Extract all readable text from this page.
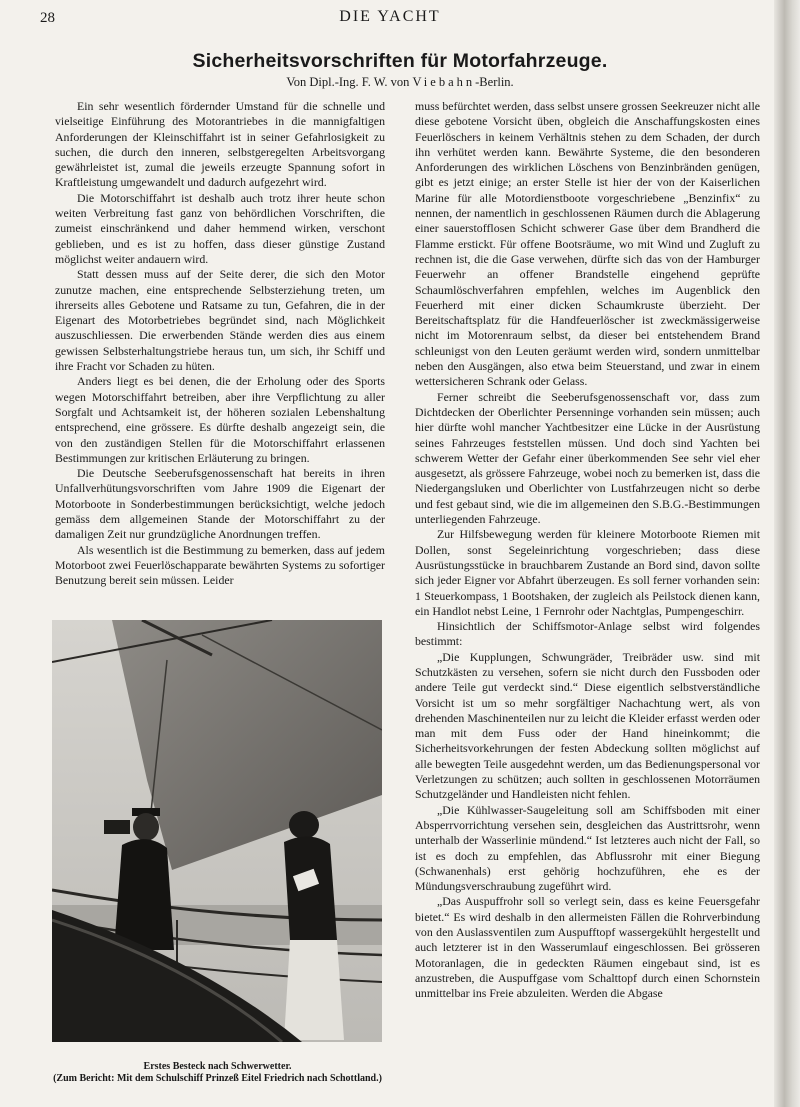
28	DIE YACHT
Sicherheitsvorschriften für Motorfahrzeuge.
Von Dipl.-Ing. F. W. von Viebahn-Berlin.

Ein sehr wesentlich fördernder Umstand für die schnelle und vielseitige Einführung des Motorantriebes in die mannigfaltigen Anforderungen der Kleinschiffahrt ist in seiner Gefahrlosigkeit zu suchen, die durch den inneren, selbstgeregelten Arbeitsvorgang gewährleistet ist, zumal die jeweils erzeugte Spannung sofort in Kraftleistung umgewandelt und dadurch aufgezehrt wird.

Die Motorschiffahrt ist deshalb auch trotz ihrer heute schon weiten Verbreitung fast ganz von behördlichen Vorschriften, die zumeist einschränkend und daher hemmend wirken, verschont geblieben, und es ist zu hoffen, dass dieser günstige Zustand möglichst weiter andauern wird.

Statt dessen muss auf der Seite derer, die sich den Motor zunutze machen, eine entsprechende Selbsterziehung treten, um ihrerseits alles Gebotene und Ratsame zu tun, Gefahren, die in der Eigenart des Motorbetriebes begründet sind, nach Möglichkeit auszuschliessen. Die erwerbenden Stände werden dies aus einem gewissen Selbsterhaltungstriebe heraus tun, um sich, ihr Schiff und ihre Fracht vor Schaden zu hüten.

Anders liegt es bei denen, die der Erholung oder des Sports wegen Motorschiffahrt betreiben, aber ihre Verpflichtung zu aller Sorgfalt und Achtsamkeit ist, der höheren sozialen Lebenshaltung entsprechend, eine grössere. Es dürfte deshalb angezeigt sein, die von den zuständigen Stellen für die Motorschiffahrt erlassenen Bestimmungen zur kritischen Erläuterung zu bringen.

Die Deutsche Seeberufsgenossenschaft hat bereits in ihren Unfallverhütungsvorschriften vom Jahre 1909 die Eigenart der Motorboote in Sonderbestimmungen berücksichtigt, welche jedoch gemäss dem allgemeinen Stande der Motorschiffahrt zu der damaligen Zeit nur grundzügliche Anordnungen treffen.

Als wesentlich ist die Bestimmung zu bemerken, dass auf jedem Motorboot zwei Feuerlöschapparate bewährten Systems zu sofortiger Benutzung bereit sein müssen. Leider

Erstes Besteck nach Schwerwetter.
(Zum Bericht: Mit dem Schulschiff Prinzeß Eitel Friedrich nach Schottland.)

muss befürchtet werden, dass selbst unsere grossen Seekreuzer nicht alle diese gebotene Vorsicht üben, obgleich die Anschaffungskosten eines Feuerlöschers in keinem Verhältnis stehen zu dem Schaden, der durch ihn verhütet werden kann. Bewährte Systeme, die den besonderen Anforderungen des wirklichen Löschens von Benzinbränden genügen, gibt es jetzt einige; an erster Stelle ist hier der von der Kaiserlichen Marine für alle Motordienstboote vorgeschriebene „Benzinfix“ zu nennen, der namentlich in geschlossenen Räumen durch die Ablagerung einer sauerstofflosen Schicht schwerer Gase über dem Brandherd die Flamme erstickt. Für offene Bootsräume, wo mit Wind und Zugluft zu rechnen ist, die die Gase verwehen, dürfte sich das von der Hamburger Feuerwehr an offener Brandstelle eingehend geprüfte Schaumlöschverfahren empfehlen, welches im Augenblick den Feuerherd mit einer dicken Schaumkruste überzieht. Der Bereitschaftsplatz für die Handfeuerlöscher ist zweckmässigerweise nicht im Motorenraum selbst, da dieser bei entstehendem Brand schleunigst von den Leuten geräumt werden wird, sondern unmittelbar neben den Ausgängen, also etwa beim Steuerstand, und zwar in einem wettersicheren Schrank oder Gelass.

Ferner schreibt die Seeberufsgenossenschaft vor, dass zum Dichtdecken der Oberlichter Persenninge vorhanden sein müssen; auch hier dürfte wohl mancher Yachtbesitzer eine Lücke in der Ausrüstung seines Fahrzeuges feststellen müssen. Und doch sind Yachten bei schwerem Wetter der Gefahr einer überkommenden See sehr viel eher ausgesetzt, als grössere Fahrzeuge, wobei noch zu bemerken ist, dass die Niedergangsluken und Oberlichter von Lustfahrzeugen nicht so derbe und fest gebaut sind, wie die im allgemeinen den S.B.G.-Bestimmungen unterliegenden Fahrzeuge.

Zur Hilfsbewegung werden für kleinere Motorboote Riemen mit Dollen, sonst Segeleinrichtung vorgeschrieben; dass diese Ausrüstungsstücke in brauchbarem Zustande an Bord sind, davon sollte sich jeder Eigner vor Abfahrt überzeugen. Es soll ferner vorhanden sein: 1 Steuerkompass, 1 Bootshaken, der zugleich als Peilstock dienen kann, ein Handlot nebst Leine, 1 Fernrohr oder Nachtglas, Pumpengeschirr.

Hinsichtlich der Schiffsmotor-Anlage selbst wird folgendes bestimmt:

„Die Kupplungen, Schwungräder, Treibräder usw. sind mit Schutzkästen zu versehen, sofern sie nicht durch den Fussboden oder andere Teile gut verdeckt sind.“ Diese eigentlich selbstverständliche Vorsicht ist um so mehr sorgfältiger Nachachtung wert, als von drehenden Maschinenteilen nur zu leicht die Kleider erfasst werden oder man mit dem Fuss oder der Hand hineinkommt; die Sicherheitsvorkehrungen der festen Abdeckung sollten möglichst auf alle bewegten Teile ausgedehnt werden, um das Bedienungspersonal vor Verletzungen zu schützen; auch sollten in geschlossenen Motorräumen Schutzgeländer und Handleisten nicht fehlen.

„Die Kühlwasser-Saugeleitung soll am Schiffsboden mit einer Absperrvorrichtung versehen sein, desgleichen das Austrittsrohr, wenn unterhalb der Wasserlinie mündend.“ Ist letzteres auch nicht der Fall, so ist es doch zu empfehlen, das Abflussrohr mit einer Biegung (Schwanenhals) erst gehörig hochzuführen, ehe es der Mündungsverschraubung zugeführt wird.

„Das Auspuffrohr soll so verlegt sein, dass es keine Feuersgefahr bietet.“ Es wird deshalb in den allermeisten Fällen die Rohrverbindung von den Auslassventilen zum Auspufftopf wassergekühlt hergestellt und auch letzterer ist in den Wasserumlauf eingeschlossen. Bei grösseren Motoranlagen, die in gedeckten Räumen eingebaut sind, ist es anzustreben, die Auspuffgase vom Schalttopf durch einen Schornstein unmittelbar ins Freie abzuleiten. Werden die Abgase
